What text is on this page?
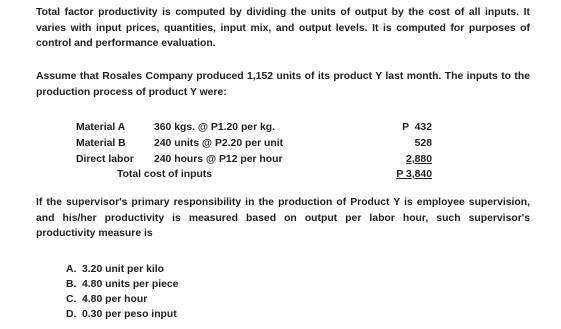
Total factor productivity is computed by dividing the units of output by the cost of all inputs. It varies with input prices, quantities, input mix, and output levels. It is computed for purposes of control and performance evaluation.

Assume that Rosales Company produced 1,152 units of its product Y last month. The inputs to the production process of product Y were:

Material A	360 kgs. @ P1.20 per kg.	P  432
Material B	240 units @ P2.20 per unit	528
Direct labor 240 hours @ P12 per hour	2,880
Total cost of inputs	P 3,840

If the supervisor's primary responsibility in the production of Product Y is employee supervision, and his/her productivity is measured based on output per labor hour, such supervisor's productivity measure is

A. 3.20 unit per kilo
B. 4.80 units per piece
C. 4.80 per hour
D. 0.30 per peso input
